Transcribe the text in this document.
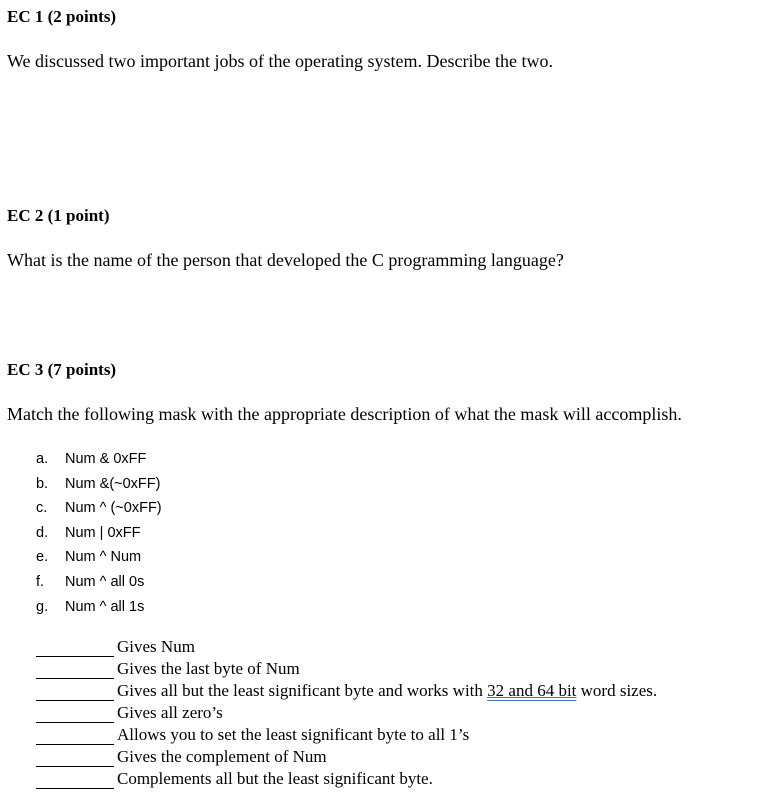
EC 1 (2 points)

We discussed two important jobs of the operating system. Describe the two.

EC 2 (1 point)

What is the name of the person that developed the C programming language?

EC 3 (7 points)

Match the following mask with the appropriate description of what the mask will accomplish.

a.	Num & 0xFF
b.	Num &(~0xFF)
c.	Num ^ (~0xFF)
d.	Num | 0xFF
e.	Num ^ Num
f.	Num ^ all 0s
g.	Num ^ all 1s
Gives Num
Gives the last byte of Num
Gives all but the least significant byte and works with 32 and 64 bit word sizes.
Gives all zero’s
Allows you to set the least significant byte to all 1’s
Gives the complement of Num
Complements all but the least significant byte.
